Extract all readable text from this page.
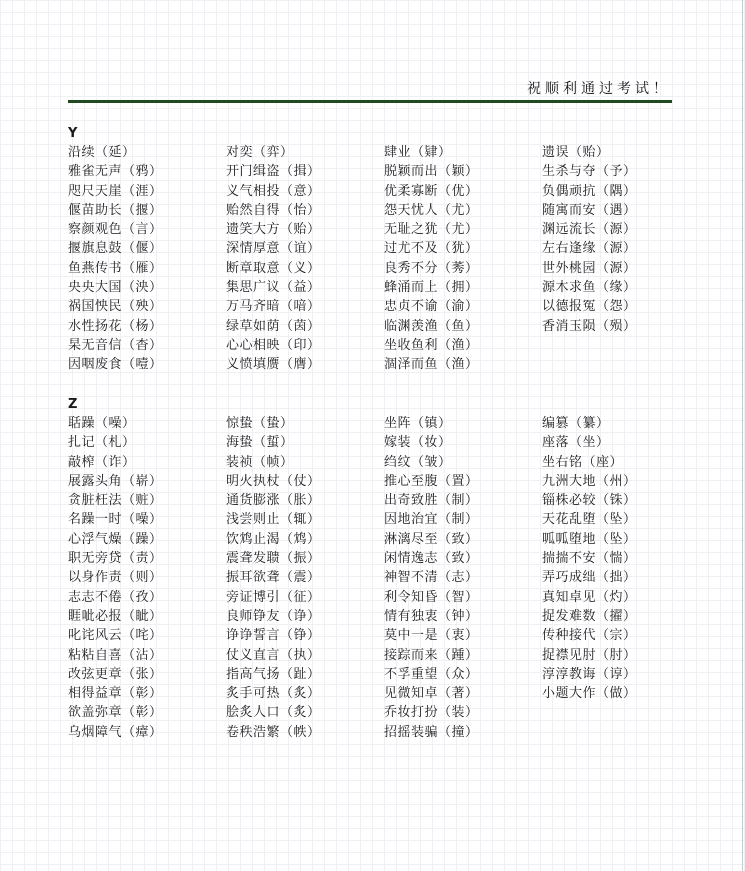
祝顺利通过考试！
Y
沿续（延）	对奕（弈）	肆业（肄）	遗误（贻）
雅雀无声（鸦）	开门缉盗（揖）	脱颖而出（颖）	生杀与夺（予）
咫尺天崖（涯）	义气相投（意）	优柔寡断（优）	负偶顽抗（隅）
偃苗助长（揠）	贻然自得（怡）	怨天忧人（尤）	随寓而安（遇）
察颜观色（言）	遗笑大方（贻）	无耻之犹（尤）	渊远流长（源）
揠旗息鼓（偃）	深情厚意（谊）	过尤不及（犹）	左右逢缘（源）
鱼燕传书（雁）	断章取意（义）	良秀不分（莠）	世外桃园（源）
央央大国（泱）	集思广议（益）	蜂涌而上（拥）	源木求鱼（缘）
祸国怏民（殃）	万马齐暗（喑）	忠贞不谕（渝）	以德报冤（怨）
水性扬花（杨）	绿草如荫（茵）	临渊羡渔（鱼）	香消玉陨（殒）
杲无音信（杳）	心心相映（印）	坐收鱼利（渔）
因咽废食（噎）	义愤填赝（膺）	涸泽而鱼（渔）
Z
聒躁（噪）	惊蛰（蛰）	坐阵（镇）	编篡（纂）
扎记（札）	海蛰（蜇）	嫁装（妆）	座落（坐）
敲榨（诈）	装祯（帧）	绉纹（皱）	坐右铭（座）
展露头角（崭）	明火执杖（仗）	推心至腹（置）	九洲大地（州）
贪脏枉法（赃）	通货膨涨（胀）	出奇致胜（制）	锱株必较（铢）
名躁一时（噪）	浅尝则止（辄）	因地治宜（制）	天花乱堕（坠）
心浮气燥（躁）	饮鸩止渴（鸩）	淋漓尽至（致）	呱呱堕地（坠）
职无旁贷（责）	震聋发聩（振）	闲情逸志（致）	揣揣不安（惴）
以身作责（则）	振耳欲聋（震）	神智不清（志）	弄巧成绌（拙）
志志不倦（孜）	旁证博引（征）	利令知昏（智）	真知卓见（灼）
睚呲必报（眦）	良师铮友（诤）	情有独衷（钟）	捉发难数（擢）
叱诧风云（咤）	诤诤誓言（铮）	莫中一是（衷）	传种接代（宗）
粘粘自喜（沾）	仗义直言（执）	接踪而来（踵）	捉襟见肘（肘）
改弦更章（张）	指高气扬（趾）	不孚重望（众）	淳淳教诲（谆）
相得益章（彰）	炙手可热（炙）	见微知卓（著）	小题大作（做）
欲盖弥章（彰）	脍炙人口（炙）	乔妆打扮（装）
乌烟障气（瘴）	卷秩浩繁（帙）	招摇装骗（撞）
